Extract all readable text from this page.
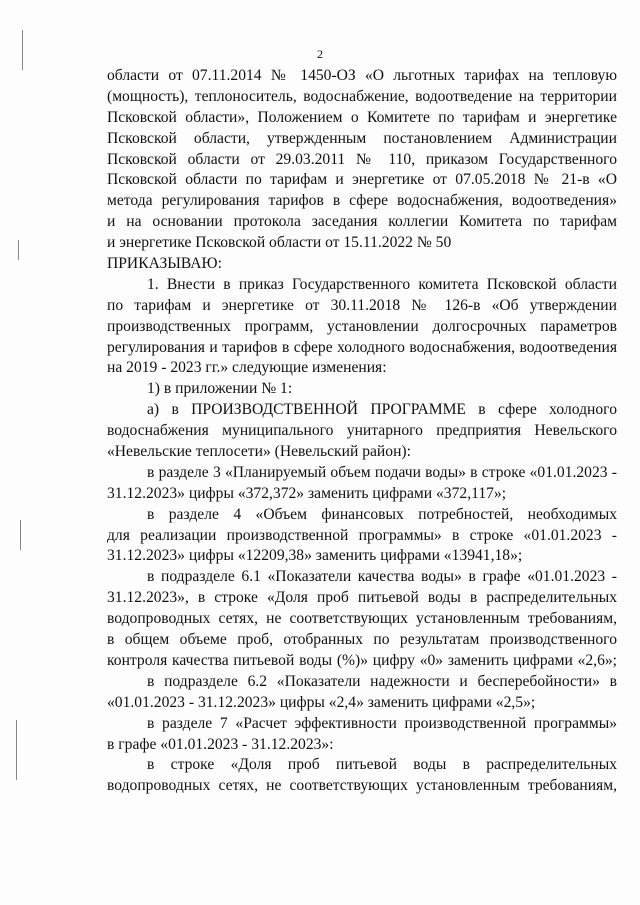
2
области от 07.11.2014 № 1450-ОЗ «О льготных тарифах на тепловую
(мощность), теплоноситель, водоснабжение, водоотведение на территории
Псковской области», Положением о Комитете по тарифам и энергетике
Псковской области, утвержденным постановлением Администрации
Псковской области от 29.03.2011 № 110, приказом Государственного
Псковской области по тарифам и энергетике от 07.05.2018 № 21-в «О
метода регулирования тарифов в сфере водоснабжения, водоотведения»
и на основании протокола заседания коллегии Комитета по тарифам
и энергетике Псковской области от 15.11.2022 № 50
ПРИКАЗЫВАЮ:
1. Внести в приказ Государственного комитета Псковской области
по тарифам и энергетике от 30.11.2018 № 126-в «Об утверждении
производственных программ, установлении долгосрочных параметров
регулирования и тарифов в сфере холодного водоснабжения, водоотведения
на 2019 - 2023 гг.» следующие изменения:
1) в приложении № 1:
а) в ПРОИЗВОДСТВЕННОЙ ПРОГРАММЕ в сфере холодного
водоснабжения муниципального унитарного предприятия Невельского
«Невельские теплосети» (Невельский район):
в разделе 3 «Планируемый объем подачи воды» в строке «01.01.2023 -
31.12.2023» цифры «372,372» заменить цифрами «372,117»;
в разделе 4 «Объем финансовых потребностей, необходимых
для реализации производственной программы» в строке «01.01.2023 -
31.12.2023» цифры «12209,38» заменить цифрами «13941,18»;
в подразделе 6.1 «Показатели качества воды» в графе «01.01.2023 -
31.12.2023», в строке «Доля проб питьевой воды в распределительных
водопроводных сетях, не соответствующих установленным требованиям,
в общем объеме проб, отобранных по результатам производственного
контроля качества питьевой воды (%)» цифру «0» заменить цифрами «2,6»;
в подразделе 6.2 «Показатели надежности и бесперебойности» в
«01.01.2023 - 31.12.2023» цифры «2,4» заменить цифрами «2,5»;
в разделе 7 «Расчет эффективности производственной программы»
в графе «01.01.2023 - 31.12.2023»:
в строке «Доля проб питьевой воды в распределительных
водопроводных сетях, не соответствующих установленным требованиям,
